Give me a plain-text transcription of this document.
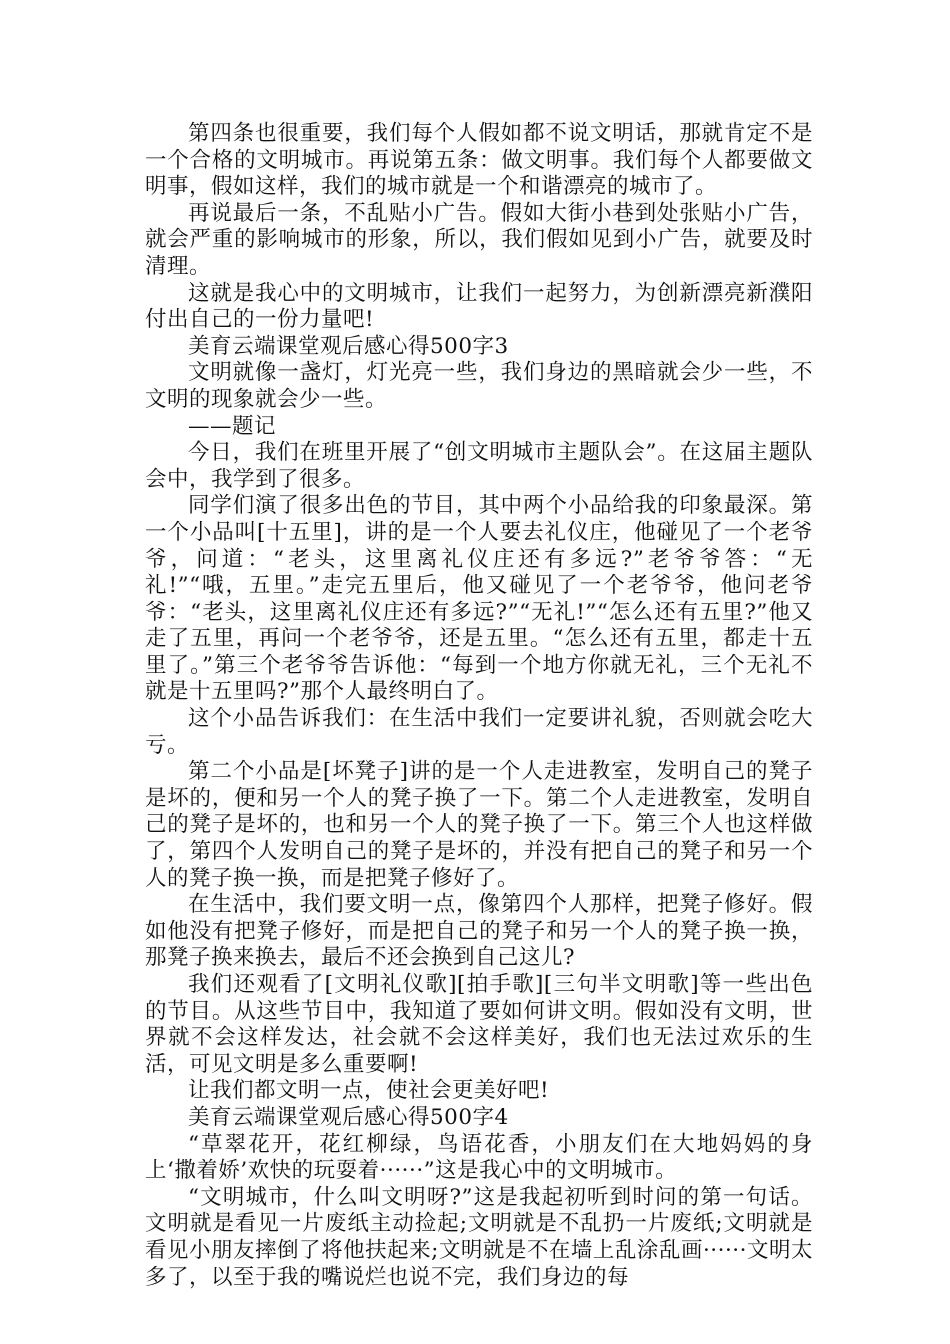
第四条也很重要，我们每个人假如都不说文明话，那就肯定不是一个合格的文明城市。再说第五条：做文明事。我们每个人都要做文明事，假如这样，我们的城市就是一个和谐漂亮的城市了。

再说最后一条，不乱贴小广告。假如大街小巷到处张贴小广告，就会严重的影响城市的形象，所以，我们假如见到小广告，就要及时清理。

这就是我心中的文明城市，让我们一起努力，为创新漂亮新濮阳付出自己的一份力量吧!

美育云端课堂观后感心得500字3

文明就像一盏灯，灯光亮一些，我们身边的黑暗就会少一些，不文明的现象就会少一些。

——题记

今日，我们在班里开展了“创文明城市主题队会”。在这届主题队会中，我学到了很多。

同学们演了很多出色的节目，其中两个小品给我的印象最深。第一个小品叫[十五里]，讲的是一个人要去礼仪庄，他碰见了一个老爷爷，问道：“老头，这里离礼仪庄还有多远?”老爷爷答：“无礼!”“哦，五里。”走完五里后，他又碰见了一个老爷爷，他问老爷爷：“老头，这里离礼仪庄还有多远?”“无礼!”“怎么还有五里?”他又走了五里，再问一个老爷爷，还是五里。“怎么还有五里，都走十五里了。”第三个老爷爷告诉他：“每到一个地方你就无礼，三个无礼不就是十五里吗?”那个人最终明白了。

这个小品告诉我们：在生活中我们一定要讲礼貌，否则就会吃大亏。

第二个小品是[坏凳子]讲的是一个人走进教室，发明自己的凳子是坏的，便和另一个人的凳子换了一下。第二个人走进教室，发明自己的凳子是坏的，也和另一个人的凳子换了一下。第三个人也这样做了，第四个人发明自己的凳子是坏的，并没有把自己的凳子和另一个人的凳子换一换，而是把凳子修好了。

在生活中，我们要文明一点，像第四个人那样，把凳子修好。假如他没有把凳子修好，而是把自己的凳子和另一个人的凳子换一换，那凳子换来换去，最后不还会换到自己这儿?

我们还观看了[文明礼仪歌][拍手歌][三句半文明歌]等一些出色的节目。从这些节目中，我知道了要如何讲文明。假如没有文明，世界就不会这样发达，社会就不会这样美好，我们也无法过欢乐的生活，可见文明是多么重要啊!

让我们都文明一点，使社会更美好吧!

美育云端课堂观后感心得500字4

“草翠花开，花红柳绿，鸟语花香，小朋友们在大地妈妈的身上‘撒着娇’欢快的玩耍着······”这是我心中的文明城市。

“文明城市，什么叫文明呀?”这是我起初听到时问的第一句话。文明就是看见一片废纸主动捡起;文明就是不乱扔一片废纸;文明就是看见小朋友摔倒了将他扶起来;文明就是不在墙上乱涂乱画······文明太多了，以至于我的嘴说烂也说不完，我们身边的每
